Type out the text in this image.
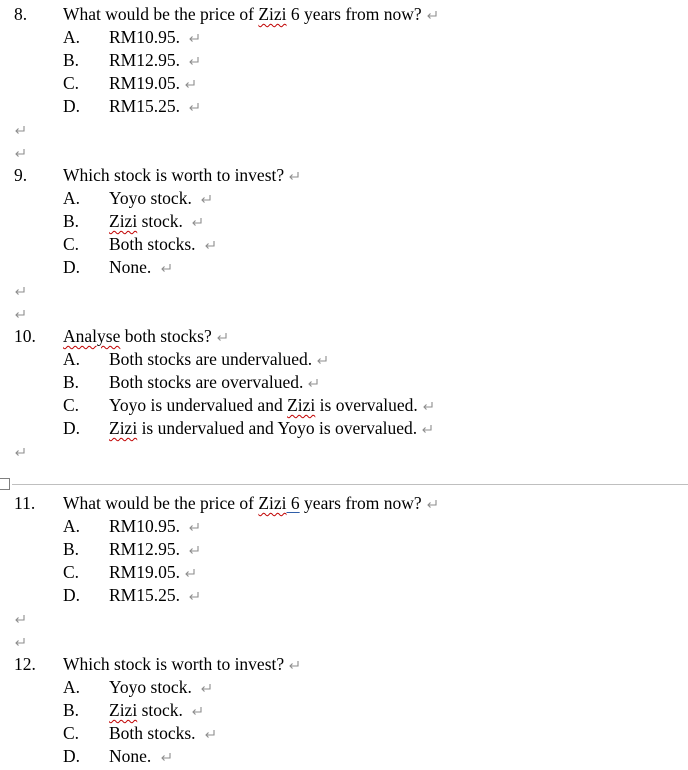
8. What would be the price of Zizi 6 years from now?
A. RM10.95.
B. RM12.95.
C. RM19.05.
D. RM15.25.
9. Which stock is worth to invest?
A. Yoyo stock.
B. Zizi stock.
C. Both stocks.
D. None.
10. Analyse both stocks?
A. Both stocks are undervalued.
B. Both stocks are overvalued.
C. Yoyo is undervalued and Zizi is overvalued.
D. Zizi is undervalued and Yoyo is overvalued.
11. What would be the price of Zizi 6 years from now?
A. RM10.95.
B. RM12.95.
C. RM19.05.
D. RM15.25.
12. Which stock is worth to invest?
A. Yoyo stock.
B. Zizi stock.
C. Both stocks.
D. None.
